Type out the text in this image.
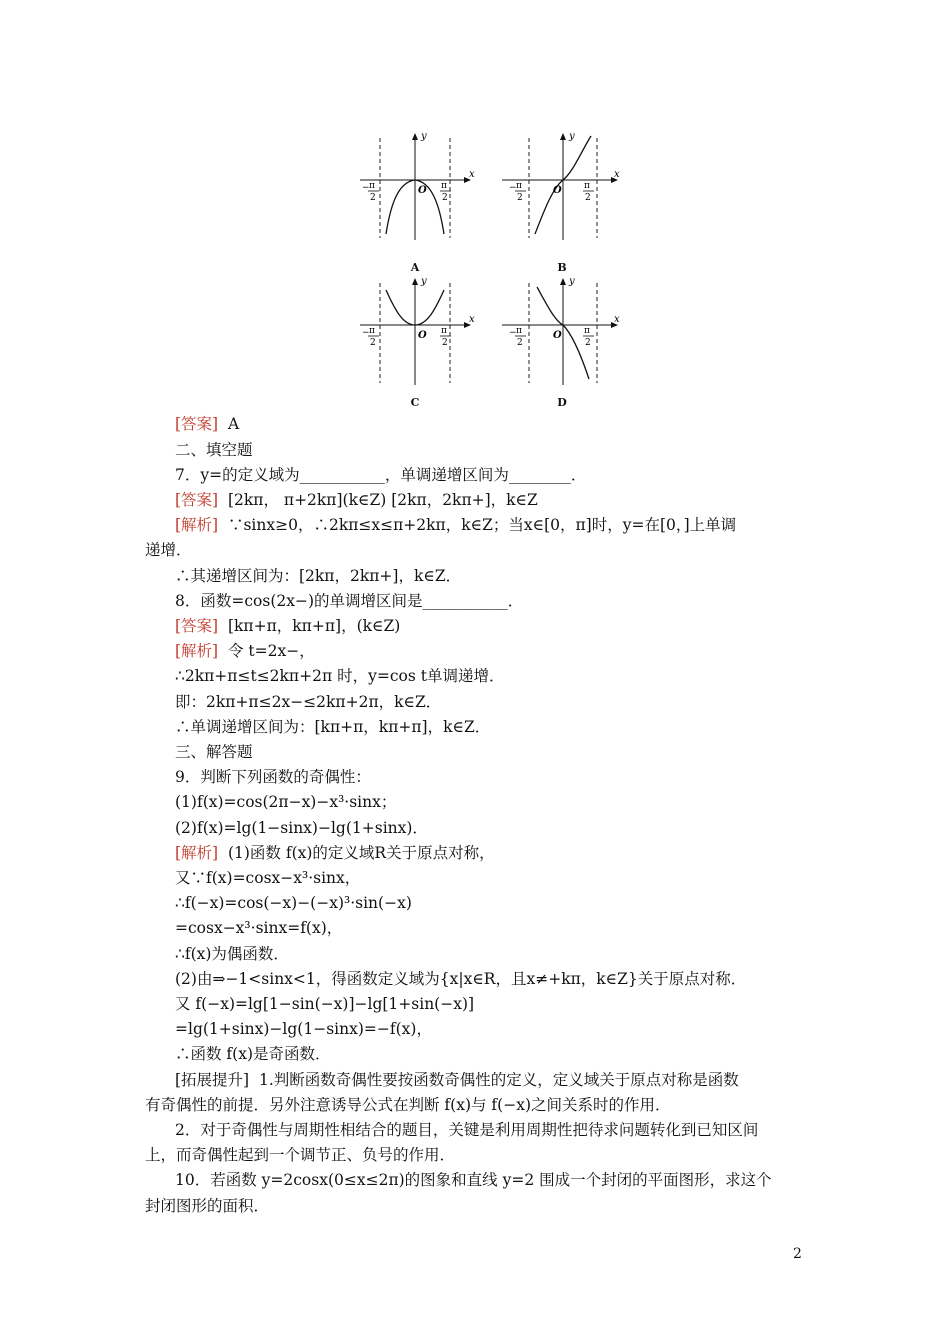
y
x
O
− π
2
π
2
A
y
x
O
− π
2
π
2
B
y
x
O
− π
2
π
2
C
y
x
O
− π
2
π
2
D
[答案] A
二、填空题
7．y=的定义域为___________，单调递增区间为________．
[答案] [2kπ， π+2kπ](k∈Z) [2kπ，2kπ+]，k∈Z
[解析] ∵sinx≥0，∴2kπ≤x≤π+2kπ，k∈Z；当x∈[0，π]时，y=在[0，]上单调
递增．
∴其递增区间为：[2kπ，2kπ+]，k∈Z．
8．函数=cos(2x−)的单调增区间是___________．
[答案] [kπ+π，kπ+π]，(k∈Z)
[解析] 令 t=2x−，
∴2kπ+π≤t≤2kπ+2π 时，y=cos t单调递增．
即：2kπ+π≤2x−≤2kπ+2π，k∈Z．
∴单调递增区间为：[kπ+π，kπ+π]，k∈Z．
三、解答题
9．判断下列函数的奇偶性：
(1)f(x)=cos(2π−x)−x³·sinx；
(2)f(x)=lg(1−sinx)−lg(1+sinx)．
[解析] (1)函数 f(x)的定义域R关于原点对称，
又∵f(x)=cosx−x³·sinx，
∴f(−x)=cos(−x)−(−x)³·sin(−x)
=cosx−x³·sinx=f(x)，
∴f(x)为偶函数．
(2)由⇒−1<sinx<1，得函数定义域为{x|x∈R，且x≠+kπ，k∈Z}关于原点对称．
又 f(−x)=lg[1−sin(−x)]−lg[1+sin(−x)]
=lg(1+sinx)−lg(1−sinx)=−f(x)，
∴函数 f(x)是奇函数．
[拓展提升] 1.判断函数奇偶性要按函数奇偶性的定义，定义域关于原点对称是函数
有奇偶性的前提．另外注意诱导公式在判断 f(x)与 f(−x)之间关系时的作用．
2．对于奇偶性与周期性相结合的题目，关键是利用周期性把待求问题转化到已知区间
上，而奇偶性起到一个调节正、负号的作用．
10．若函数 y=2cosx(0≤x≤2π)的图象和直线 y=2 围成一个封闭的平面图形，求这个
封闭图形的面积．
2
